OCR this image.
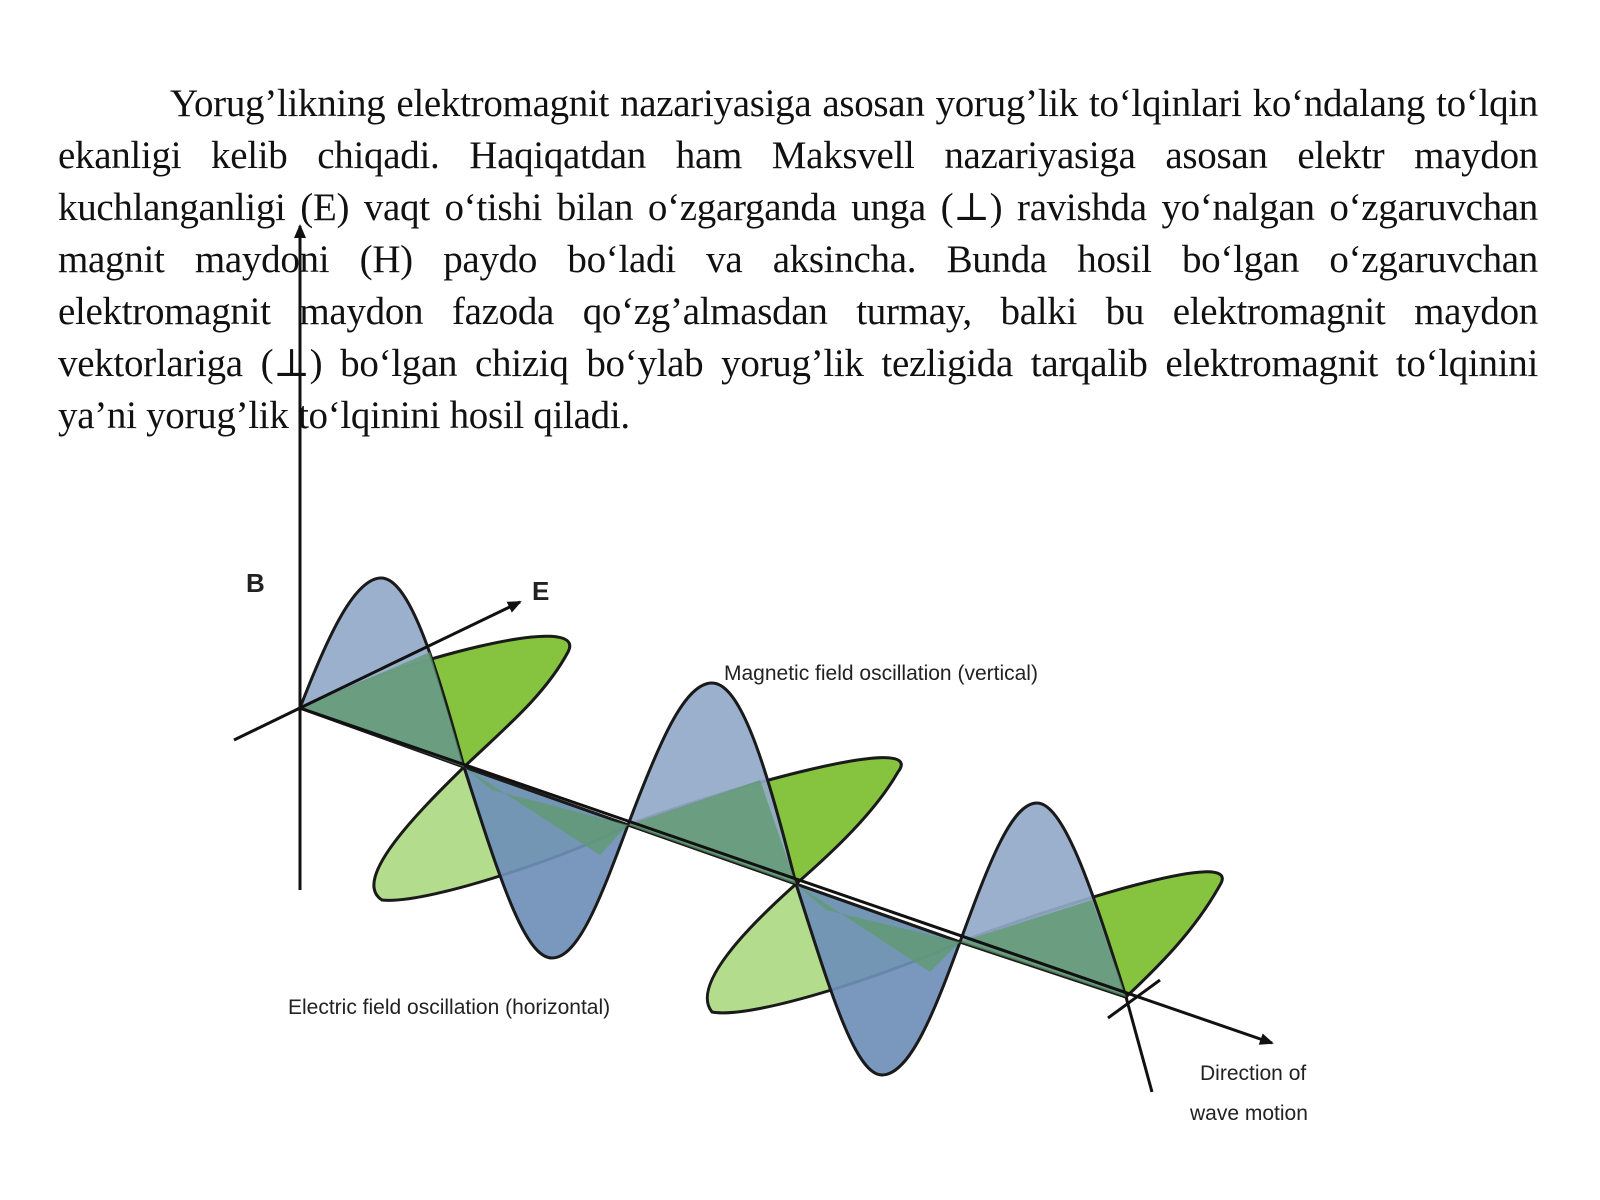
Yorug’likning elektromagnit nazariyasiga asosan yorug’lik to‘lqinlari ko‘ndalang to‘lqin ekanligi kelib chiqadi. Haqiqatdan ham Maksvell nazariyasiga asosan elektr maydon kuchlanganligi (E) vaqt o‘tishi bilan o‘zgarganda unga (⊥) ravishda yo‘nalgan o‘zgaruvchan magnit maydoni (H) paydo bo‘ladi va aksincha. Bunda hosil bo‘lgan o‘zgaruvchan elektromagnit maydon fazoda qo‘zg’almasdan turmay, balki bu elektromagnit maydon vektorlariga (⊥) bo‘lgan chiziq bo‘ylab yorug’lik tezligida tarqalib elektromagnit to‘lqinini ya’ni yorug’lik to‘lqinini hosil qiladi.

B	E
Magnetic field oscillation (vertical)
Electric field oscillation (horizontal)
Direction of
wave motion
